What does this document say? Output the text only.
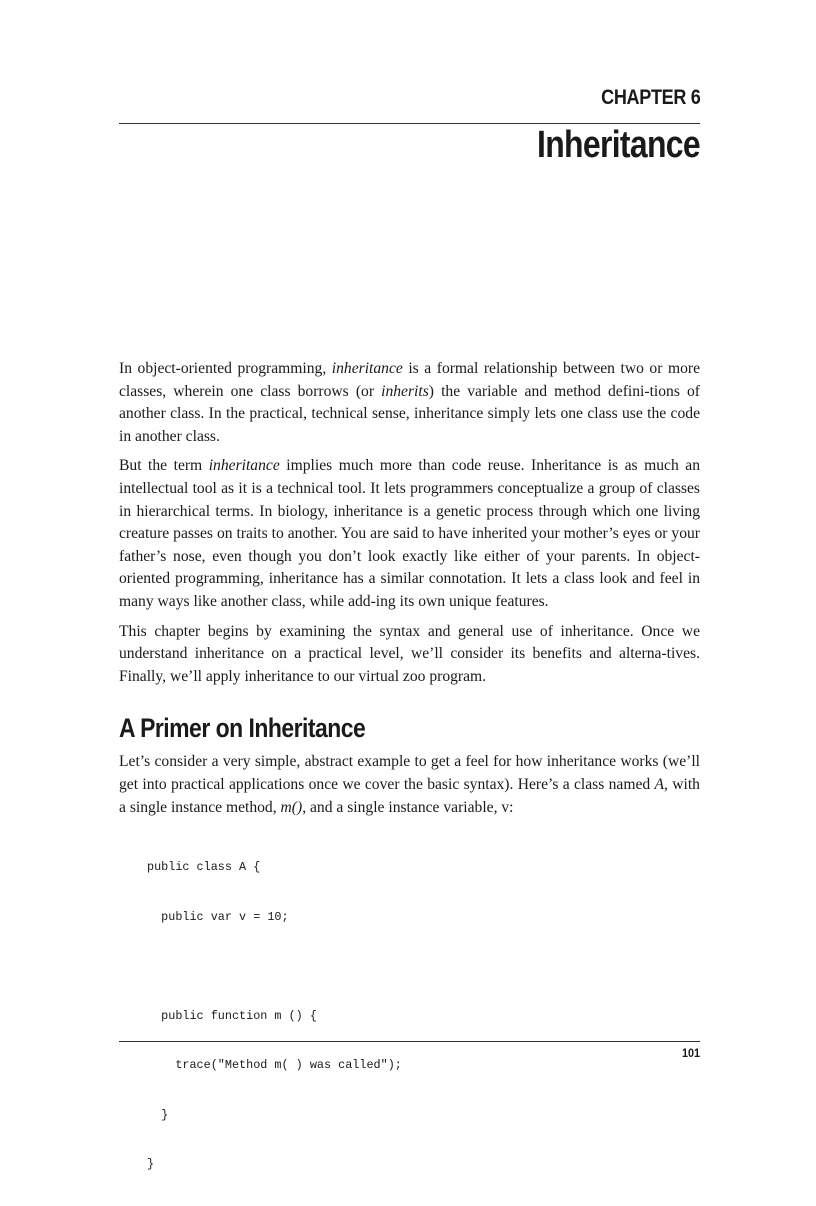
CHAPTER 6
Inheritance

In object-oriented programming, inheritance is a formal relationship between two or more classes, wherein one class borrows (or inherits) the variable and method defini-tions of another class. In the practical, technical sense, inheritance simply lets one class use the code in another class.

But the term inheritance implies much more than code reuse. Inheritance is as much an intellectual tool as it is a technical tool. It lets programmers conceptualize a group of classes in hierarchical terms. In biology, inheritance is a genetic process through which one living creature passes on traits to another. You are said to have inherited your mother’s eyes or your father’s nose, even though you don’t look exactly like either of your parents. In object-oriented programming, inheritance has a similar connotation. It lets a class look and feel in many ways like another class, while add-ing its own unique features.

This chapter begins by examining the syntax and general use of inheritance. Once we understand inheritance on a practical level, we’ll consider its benefits and alterna-tives. Finally, we’ll apply inheritance to our virtual zoo program.

A Primer on Inheritance

Let’s consider a very simple, abstract example to get a feel for how inheritance works (we’ll get into practical applications once we cover the basic syntax). Here’s a class named A, with a single instance method, m(), and a single instance variable, v:

public class A {

public var v = 10;

public function m () {

trace("Method m( ) was called");

}

}

101
